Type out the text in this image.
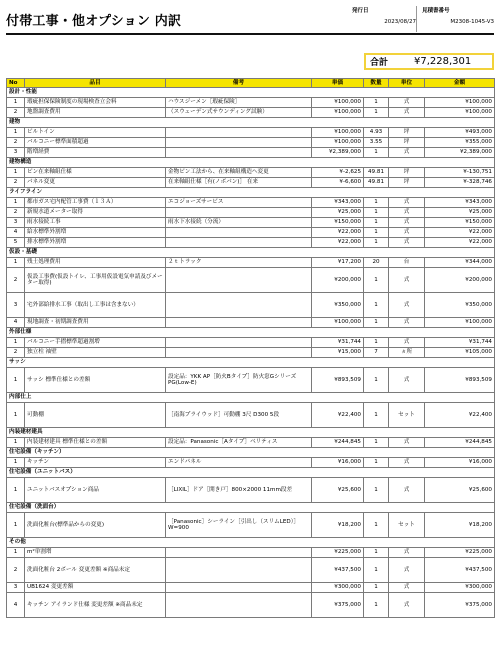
付帯工事・他オプション 内訳
発行日
2023/08/27
見積書番号
M2308-1045-V3
合計	¥7,228,301
No	品目	備考	単価	数量	単位	金額
設計・性能						
1	瑕疵担保保険制度の現場検査立会料	ハウスジーメン［瑕疵保険］	¥100,000	1	式	¥100,000
2	地盤調査費用	（スウェーデン式サウンディング試験）	¥100,000	1	式	¥100,000
建物						
1	ビルトイン		¥100,000	4.93	坪	¥493,000
2	バルコニー標準面積超過		¥100,000	3.55	坪	¥355,000
3	階増経費		¥2,389,000	1	式	¥2,389,000
建物構造						
1	ピン在来軸組仕様	金物ピン工法から、在来軸組構造へ変更	¥-2,625	49.81	坪	¥-130,751
2	パネル変更	在来軸組仕様［有(ノボパン)］ 在来	¥-6,600	49.81	坪	¥-328,746
ライフライン						
1	都市ガス宅内配管工事費（１３Ａ）	エコジョーズサービス	¥343,000	1	式	¥343,000
2	新規水道メーター取得		¥25,000	1	式	¥25,000
3	雨水接続工事	雨水下水接続（分流）	¥150,000	1	式	¥150,000
4	給水標準外割増		¥22,000	1	式	¥22,000
5	排水標準外割増		¥22,000	1	式	¥22,000
仮設・基礎						
1	残土処理費用	２ｔトラック	¥17,200	20	台	¥344,000
2	仮設工事費(仮設トイレ、工事用仮設電気申請及びメーター取得)		¥200,000	1	式	¥200,000
3	宅外部給排水工事（取出し工事は含まない）		¥350,000	1	式	¥350,000
4	現地調査・初期調査費用		¥100,000	1	式	¥100,000
外部仕様						
1	バルコニー手摺標準超過割増		¥31,744	1	式	¥31,744
2	独立柱 袖壁		¥15,000	7	ヵ所	¥105,000
サッシ						
1	サッシ 標準仕様との差額	設定品：YKK AP［防火Bタイプ］防火窓Gシリーズ PG(Low-E)	¥893,509	1	式	¥893,509
内部仕上						
1	可動棚	［南海プライウッド］可動棚 3尺 D300 5段	¥22,400	1	セット	¥22,400
内装建材建具						
1	内装建材建具 標準仕様との差額	設定品：Panasonic［Aタイプ］ベリティス	¥244,845	1	式	¥244,845
住宅設備（キッチン）						
1	キッチン	エンドパネル	¥16,000	1	式	¥16,000
住宅設備（ユニットバス）						
1	ユニットバスオプション商品	［LIXIL］ドア［開き戸］800×2000 11mm段差	¥25,600	1	式	¥25,600
住宅設備（洗面台）						
1	洗面化粧台(標準品からの変更)	［Panasonic］シーライン［引出し（スリムLED）］W=900	¥18,200	1	セット	¥18,200
その他						
1	m²単割増		¥225,000	1	式	¥225,000
2	洗面化粧台 2ボール 変更差額 ※商品未定		¥437,500	1	式	¥437,500
3	UB1624 変更差額		¥300,000	1	式	¥300,000
4	キッチン アイランド仕様 変更差額 ※商品未定		¥375,000	1	式	¥375,000
